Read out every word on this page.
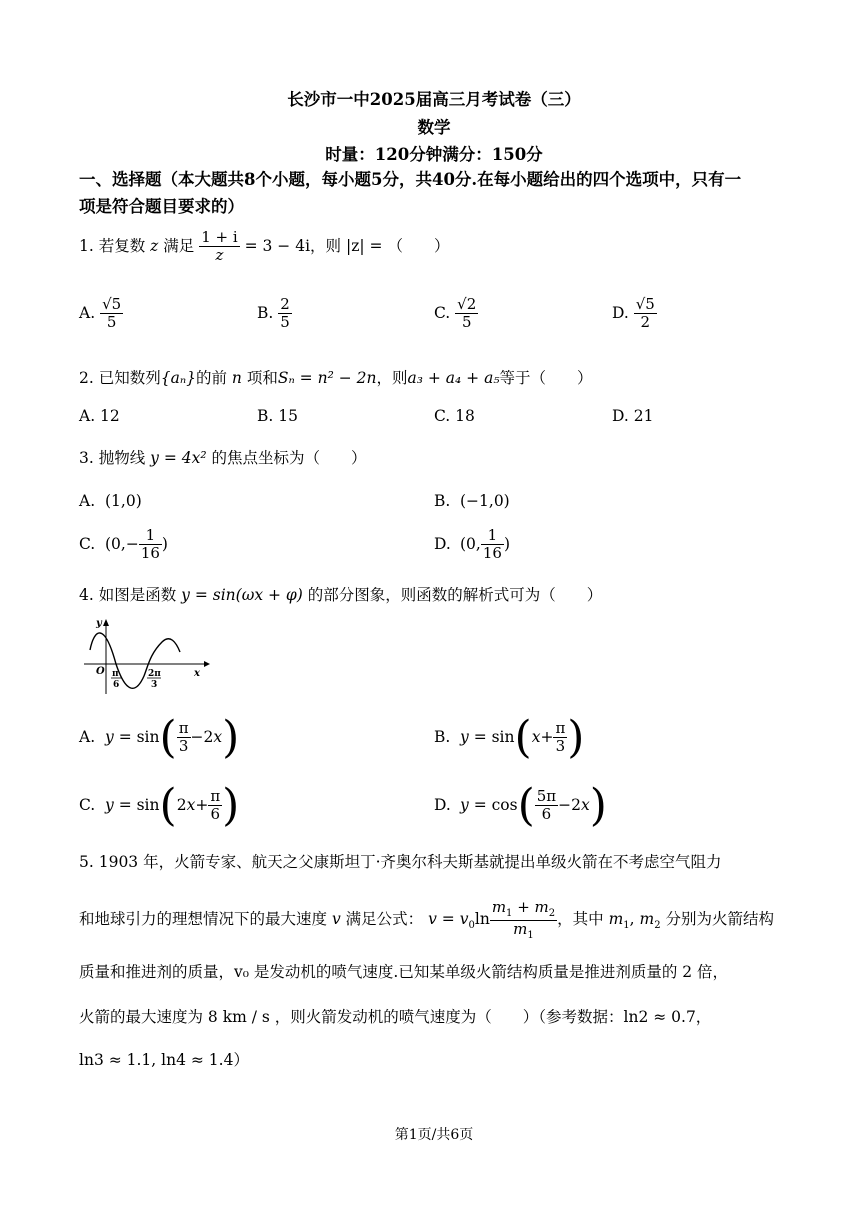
长沙市一中2025届高三月考试卷（三）
数学
时量：120分钟满分：150分
一、选择题（本大题共8个小题，每小题5分，共40分.在每小题给出的四个选项中，只有一
项是符合题目要求的）
1. 若复数 z 满足 $\frac{1 + i}{z} = 3 - 4i$，则 |z| = （　　）
A. $\frac{√5}{5}$	B. $\frac{2}{5}$	C. $\frac{√2}{5}$	D. $\frac{√5}{2}$
2. 已知数列{aₙ}的前 n 项和Sₙ = n² − 2n，则a₃ + a₄ + a₅等于（　　）
A. 12	B. 15	C. 18	D. 21
3. 抛物线 y = 4x² 的焦点坐标为（　　）
A. (1,0)	B. (−1,0)
C. ($0,- \frac{1}{16}$ )	D. (0, $\frac{1}{16}$ )
4. 如图是函数 y = sin(ωx + φ) 的部分图象，则函数的解析式可为（　　）
y
x
O π
6
2π
3
A. $y = \sin( \frac{\pi}{3} -2x)$	B. $y = \sin(x+ \frac{\pi}{3}$ )
C. $y = \sin(2x+ \frac{\pi}{6}$ )	D. $y = \cos( \frac{5\pi}{6} -2x)$
5. 1903 年，火箭专家、航天之父康斯坦丁·齐奥尔科夫斯基就提出单级火箭在不考虑空气阻力
和地球引力的理想情况下的最大速度 v 满足公式： $v = v_0\ln \frac{m_1 + m_2}{m_1}$ ，其中 $m_1$, $m_2$ 分别为火箭结构
质量和推进剂的质量，v₀ 是发动机的喷气速度.已知某单级火箭结构质量是推进剂质量的 2 倍，
火箭的最大速度为 8 km / s ，则火箭发动机的喷气速度为（　　）（参考数据：ln2 ≈ 0.7，
ln3 ≈ 1.1, ln4 ≈ 1.4）
第1页/共6页
